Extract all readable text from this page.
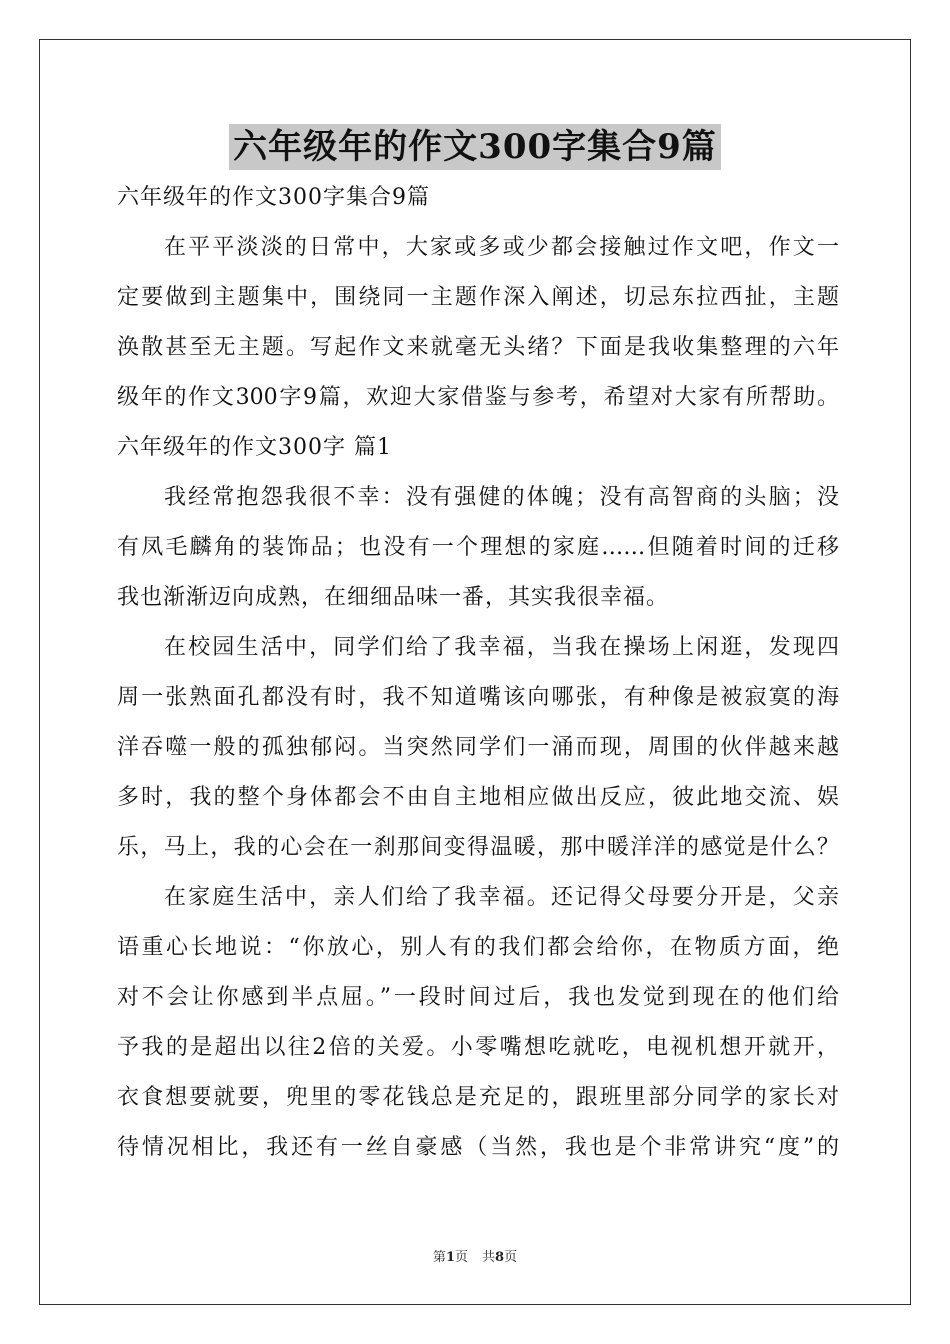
六年级年的作文300字集合9篇
六年级年的作文300字集合9篇
在平平淡淡的日常中，大家或多或少都会接触过作文吧，作文一
定要做到主题集中，围绕同一主题作深入阐述，切忌东拉西扯，主题
涣散甚至无主题。写起作文来就毫无头绪？下面是我收集整理的六年
级年的作文300字9篇，欢迎大家借鉴与参考，希望对大家有所帮助。
六年级年的作文300字 篇1
我经常抱怨我很不幸：没有强健的体魄；没有高智商的头脑；没
有凤毛麟角的装饰品；也没有一个理想的家庭……但随着时间的迁移
我也渐渐迈向成熟，在细细品味一番，其实我很幸福。
在校园生活中，同学们给了我幸福，当我在操场上闲逛，发现四
周一张熟面孔都没有时，我不知道嘴该向哪张，有种像是被寂寞的海
洋吞噬一般的孤独郁闷。当突然同学们一涌而现，周围的伙伴越来越
多时，我的整个身体都会不由自主地相应做出反应，彼此地交流、娱
乐，马上，我的心会在一刹那间变得温暖，那中暖洋洋的感觉是什么？
在家庭生活中，亲人们给了我幸福。还记得父母要分开是，父亲
语重心长地说：“你放心，别人有的我们都会给你，在物质方面，绝
对不会让你感到半点屈。”一段时间过后，我也发觉到现在的他们给
予我的是超出以往2倍的关爱。小零嘴想吃就吃，电视机想开就开，
衣食想要就要，兜里的零花钱总是充足的，跟班里部分同学的家长对
待情况相比，我还有一丝自豪感（当然，我也是个非常讲究“度”的
第1页 共8页
